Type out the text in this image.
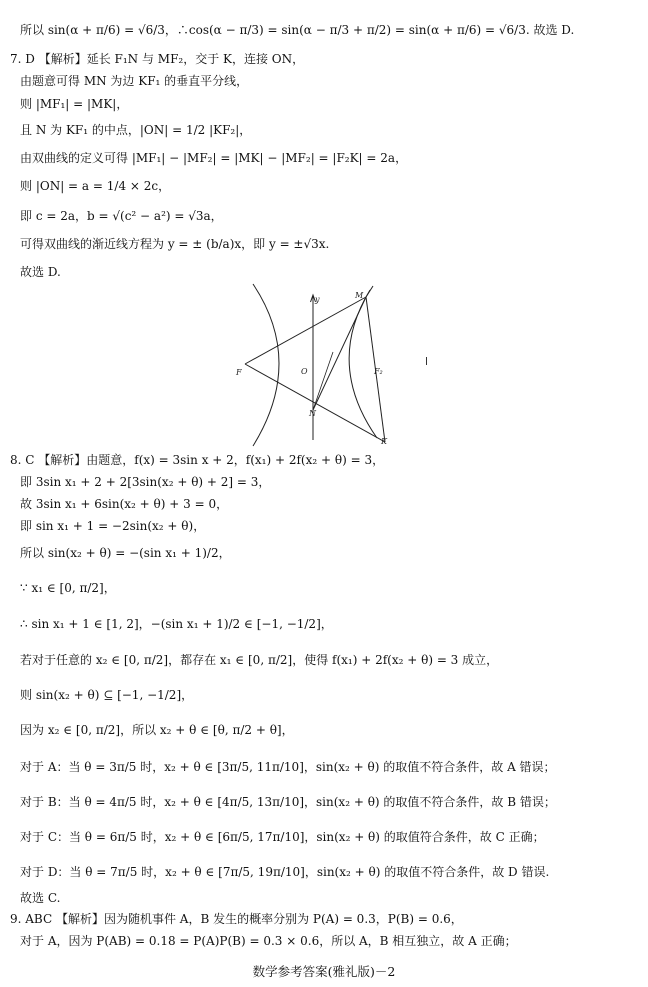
所以 sin(α + π/6) = √6/3，∴cos(α − π/3) = sin(α − π/3 + π/2) = sin(α + π/6) = √6/3. 故选 D.
7. D 【解析】延长 F₁N 与 MF₂，交于 K，连接 ON，
由题意可得 MN 为边 KF₁ 的垂直平分线，
则 |MF₁| = |MK|，
且 N 为 KF₁ 的中点，|ON| = 1/2 |KF₂|，
由双曲线的定义可得 |MF₁| − |MF₂| = |MK| − |MF₂| = |F₂K| = 2a，
则 |ON| = a = 1/4 × 2c，
即 c = 2a，b = √(c² − a²) = √3a，
可得双曲线的渐近线方程为 y = ± (b/a)x，即 y = ±√3x.
故选 D.
y	M
F	O	F₂
N
K
8. C 【解析】由题意，f(x) = 3sin x + 2，f(x₁) + 2f(x₂ + θ) = 3，
即 3sin x₁ + 2 + 2[3sin(x₂ + θ) + 2] = 3，
故 3sin x₁ + 6sin(x₂ + θ) + 3 = 0，
即 sin x₁ + 1 = −2sin(x₂ + θ)，
所以 sin(x₂ + θ) = −(sin x₁ + 1)/2，
∵ x₁ ∈ [0, π/2]，
∴ sin x₁ + 1 ∈ [1, 2]，−(sin x₁ + 1)/2 ∈ [−1, −1/2]，
若对于任意的 x₂ ∈ [0, π/2]，都存在 x₁ ∈ [0, π/2]，使得 f(x₁) + 2f(x₂ + θ) = 3 成立，
则 sin(x₂ + θ) ⊆ [−1, −1/2]，
因为 x₂ ∈ [0, π/2]，所以 x₂ + θ ∈ [θ, π/2 + θ]，
对于 A：当 θ = 3π/5 时，x₂ + θ ∈ [3π/5, 11π/10]，sin(x₂ + θ) 的取值不符合条件，故 A 错误；
对于 B：当 θ = 4π/5 时，x₂ + θ ∈ [4π/5, 13π/10]，sin(x₂ + θ) 的取值不符合条件，故 B 错误；
对于 C：当 θ = 6π/5 时，x₂ + θ ∈ [6π/5, 17π/10]，sin(x₂ + θ) 的取值符合条件，故 C 正确；
对于 D：当 θ = 7π/5 时，x₂ + θ ∈ [7π/5, 19π/10]，sin(x₂ + θ) 的取值不符合条件，故 D 错误.
故选 C.
9. ABC 【解析】因为随机事件 A，B 发生的概率分别为 P(A) = 0.3，P(B) = 0.6，
对于 A，因为 P(AB) = 0.18 = P(A)P(B) = 0.3 × 0.6，所以 A，B 相互独立，故 A 正确；
数学参考答案(雅礼版)－2
